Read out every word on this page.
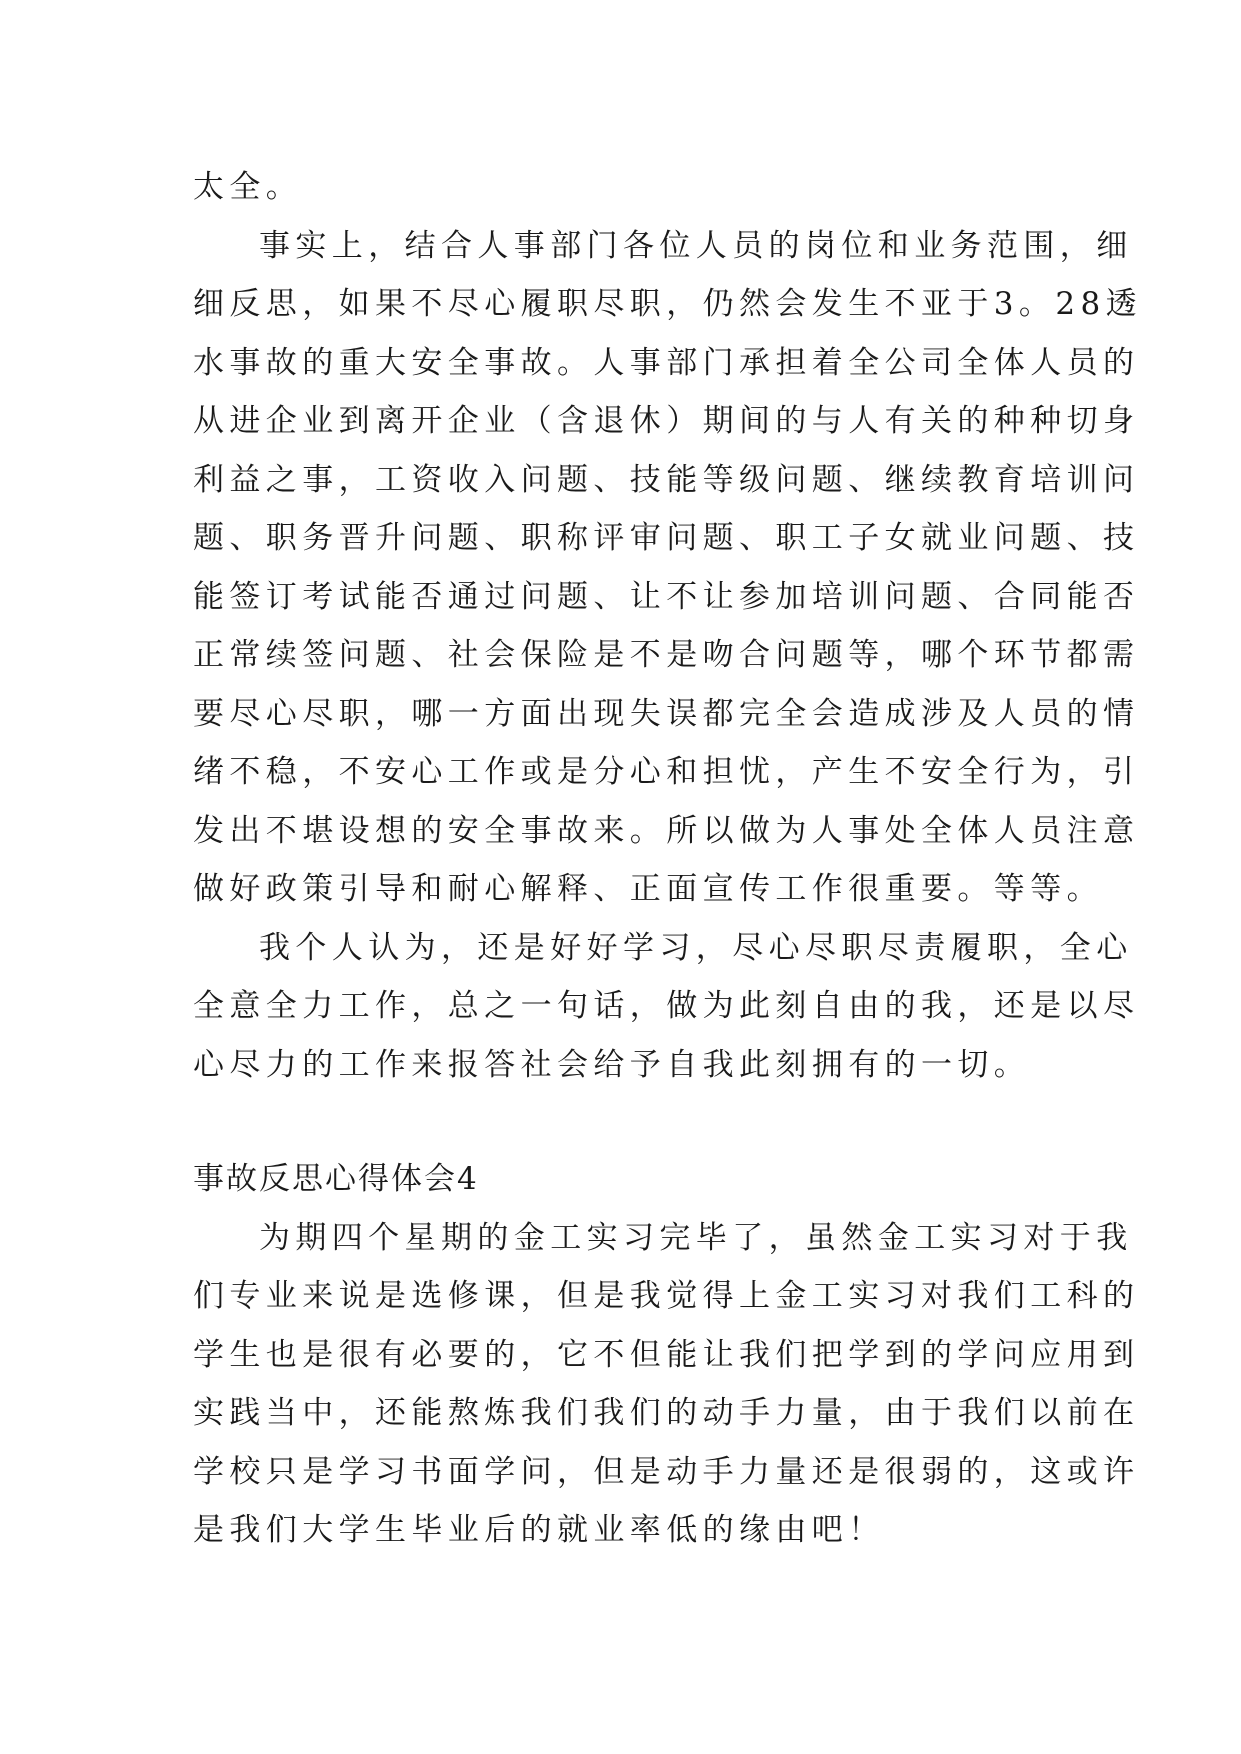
太全。
事实上，结合人事部门各位人员的岗位和业务范围，细
细反思，如果不尽心履职尽职，仍然会发生不亚于3。28透
水事故的重大安全事故。人事部门承担着全公司全体人员的
从进企业到离开企业（含退休）期间的与人有关的种种切身
利益之事，工资收入问题、技能等级问题、继续教育培训问
题、职务晋升问题、职称评审问题、职工子女就业问题、技
能签订考试能否通过问题、让不让参加培训问题、合同能否
正常续签问题、社会保险是不是吻合问题等，哪个环节都需
要尽心尽职，哪一方面出现失误都完全会造成涉及人员的情
绪不稳，不安心工作或是分心和担忧，产生不安全行为，引
发出不堪设想的安全事故来。所以做为人事处全体人员注意
做好政策引导和耐心解释、正面宣传工作很重要。等等。
我个人认为，还是好好学习，尽心尽职尽责履职，全心
全意全力工作，总之一句话，做为此刻自由的我，还是以尽
心尽力的工作来报答社会给予自我此刻拥有的一切。
事故反思心得体会4
为期四个星期的金工实习完毕了，虽然金工实习对于我
们专业来说是选修课，但是我觉得上金工实习对我们工科的
学生也是很有必要的，它不但能让我们把学到的学问应用到
实践当中，还能熬炼我们我们的动手力量，由于我们以前在
学校只是学习书面学问，但是动手力量还是很弱的，这或许
是我们大学生毕业后的就业率低的缘由吧！
